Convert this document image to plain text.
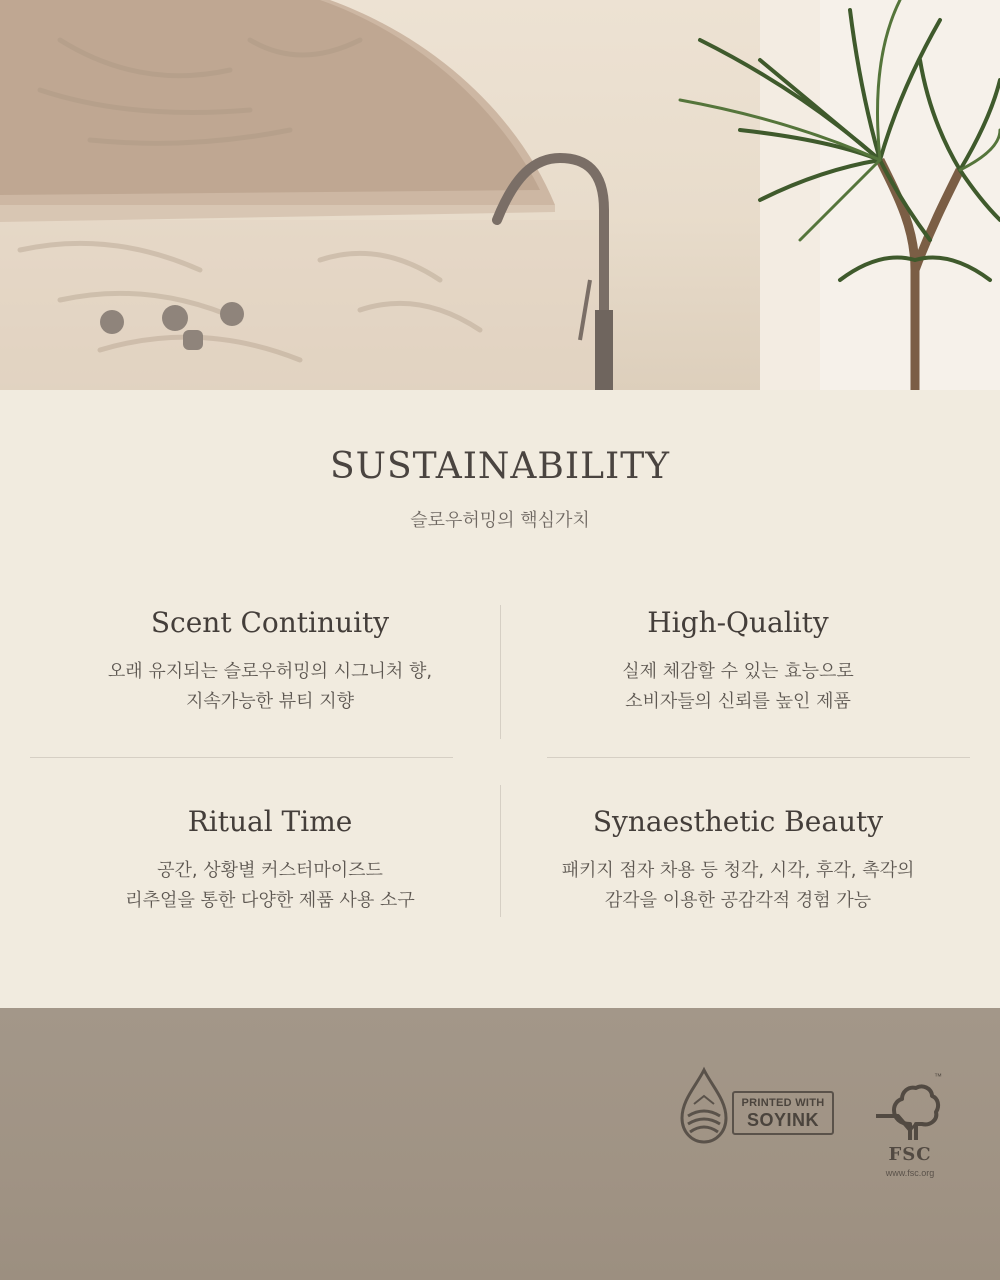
SUSTAINABILITY
슬로우허밍의 핵심가치
Scent Continuity
오래 유지되는 슬로우허밍의 시그니처 향,
지속가능한 뷰티 지향
High-Quality
실제 체감할 수 있는 효능으로
소비자들의 신뢰를 높인 제품
Ritual Time
공간, 상황별 커스터마이즈드
리추얼을 통한 다양한 제품 사용 소구
Synaesthetic Beauty
패키지 점자 차용 등 청각, 시각, 후각, 촉각의
감각을 이용한 공감각적 경험 가능
PRINTED WITH
SOYINK
™
FSC
www.fsc.org
